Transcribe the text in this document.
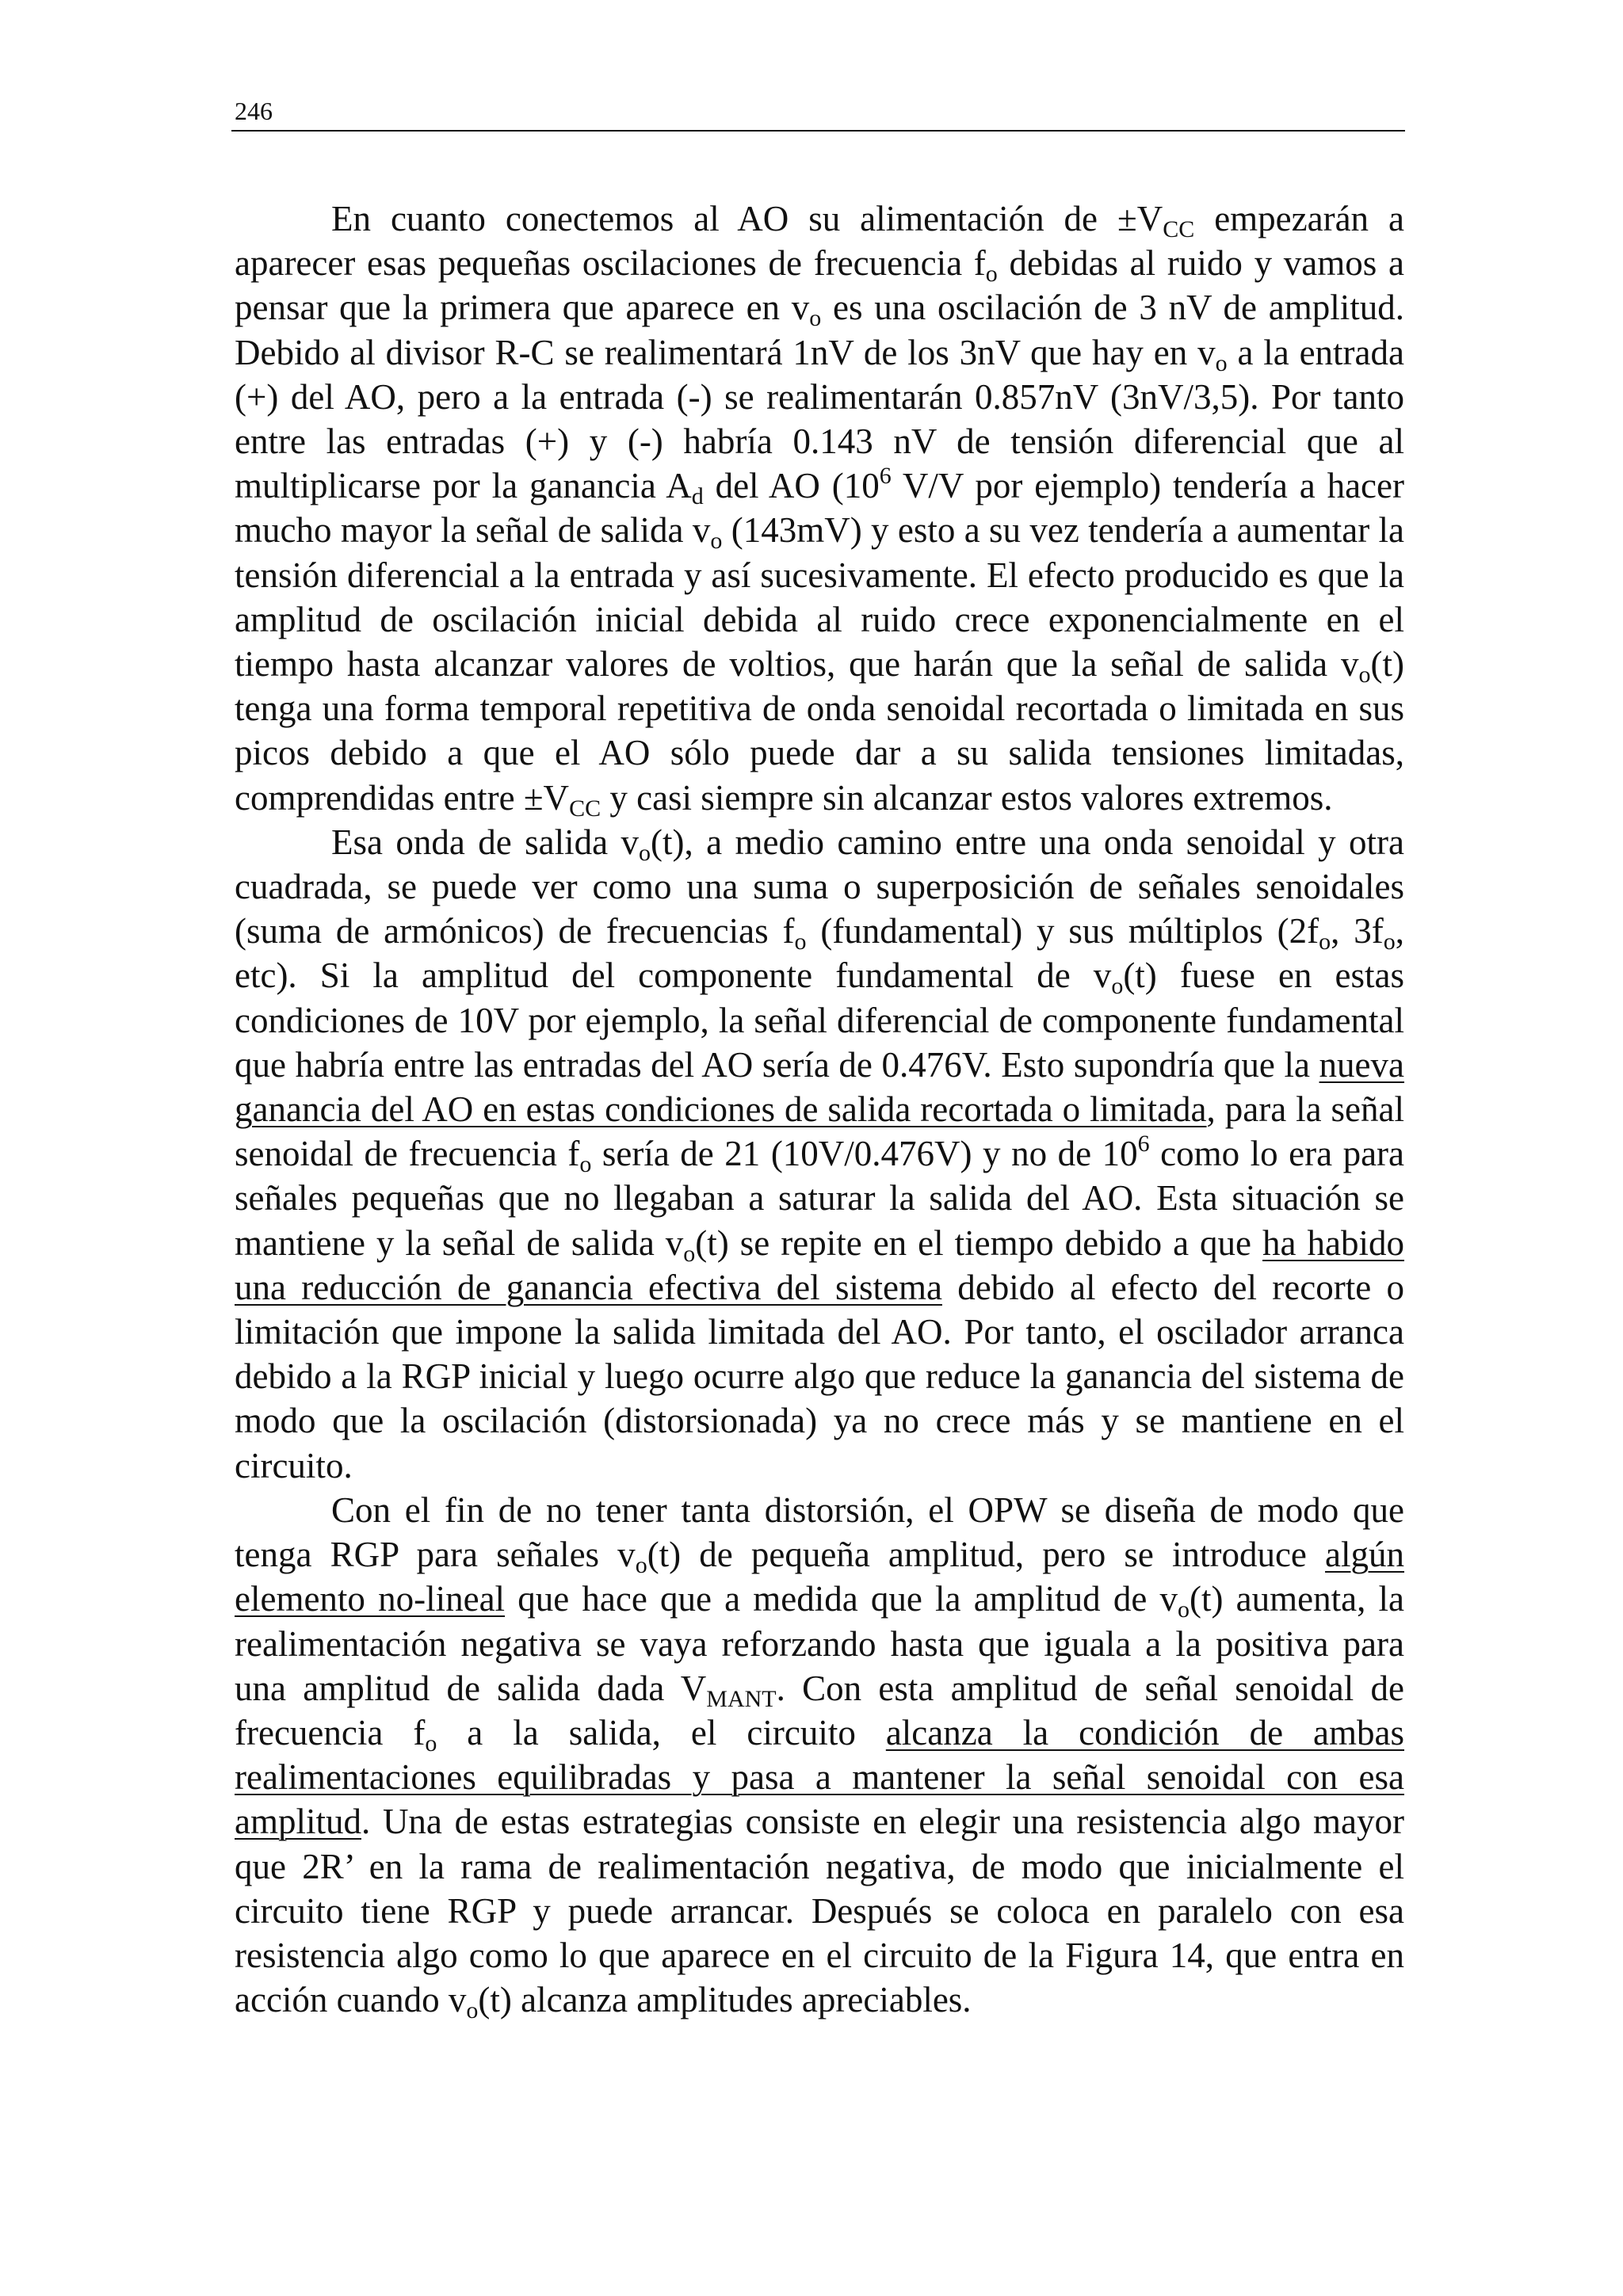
246

En cuanto conectemos al AO su alimentación de $\pm V_{CC}$ empezarán a aparecer esas pequeñas oscilaciones de frecuencia $f_o$ debidas al ruido y vamos a pensar que la primera que aparece en $v_o$ es una oscilación de 3 nV de amplitud. Debido al divisor R-C se realimentará 1nV de los 3nV que hay en $v_o$ a la entrada (+) del AO, pero a la entrada (-) se realimentarán 0.857nV (3nV/3,5). Por tanto entre las entradas (+) y (-) habría 0.143 nV de tensión diferencial que al multiplicarse por la ganancia $A_d$ del AO ($10^6$ V/V por ejemplo) tendería a hacer mucho mayor la señal de salida $v_o$ (143mV) y esto a su vez tendería a aumentar la tensión diferencial a la entrada y así sucesivamente. El efecto producido es que la amplitud de oscilación inicial debida al ruido crece exponencialmente en el tiempo hasta alcanzar valores de voltios, que harán que la señal de salida $v_o(t)$ tenga una forma temporal repetitiva de onda senoidal recortada o limitada en sus picos debido a que el AO sólo puede dar a su salida tensiones limitadas, comprendidas entre $\pm V_{CC}$ y casi siempre sin alcanzar estos valores extremos.

Esa onda de salida $v_o(t)$, a medio camino entre una onda senoidal y otra cuadrada, se puede ver como una suma o superposición de señales senoidales (suma de armónicos) de frecuencias $f_o$ (fundamental) y sus múltiplos ($2f_o$, $3f_o$, etc). Si la amplitud del componente fundamental de $v_o(t)$ fuese en estas condiciones de 10V por ejemplo, la señal diferencial de componente fundamental que habría entre las entradas del AO sería de 0.476V. Esto supondría que la nueva ganancia del AO en estas condiciones de salida recortada o limitada, para la señal senoidal de frecuencia $f_o$ sería de 21 (10V/0.476V) y no de $10^6$ como lo era para señales pequeñas que no llegaban a saturar la salida del AO. Esta situación se mantiene y la señal de salida $v_o(t)$ se repite en el tiempo debido a que ha habido una reducción de ganancia efectiva del sistema debido al efecto del recorte o limitación que impone la salida limitada del AO. Por tanto, el oscilador arranca debido a la RGP inicial y luego ocurre algo que reduce la ganancia del sistema de modo que la oscilación (distorsionada) ya no crece más y se mantiene en el circuito.

Con el fin de no tener tanta distorsión, el OPW se diseña de modo que tenga RGP para señales $v_o(t)$ de pequeña amplitud, pero se introduce algún elemento no-lineal que hace que a medida que la amplitud de $v_o(t)$ aumenta, la realimentación negativa se vaya reforzando hasta que iguala a la positiva para una amplitud de salida dada $V_{MANT}$. Con esta amplitud de señal senoidal de frecuencia $f_o$ a la salida, el circuito alcanza la condición de ambas realimentaciones equilibradas y pasa a mantener la señal senoidal con esa amplitud. Una de estas estrategias consiste en elegir una resistencia algo mayor que 2R’ en la rama de realimentación negativa, de modo que inicialmente el circuito tiene RGP y puede arrancar. Después se coloca en paralelo con esa resistencia algo como lo que aparece en el circuito de la Figura 14, que entra en acción cuando $v_o(t)$ alcanza amplitudes apreciables.
